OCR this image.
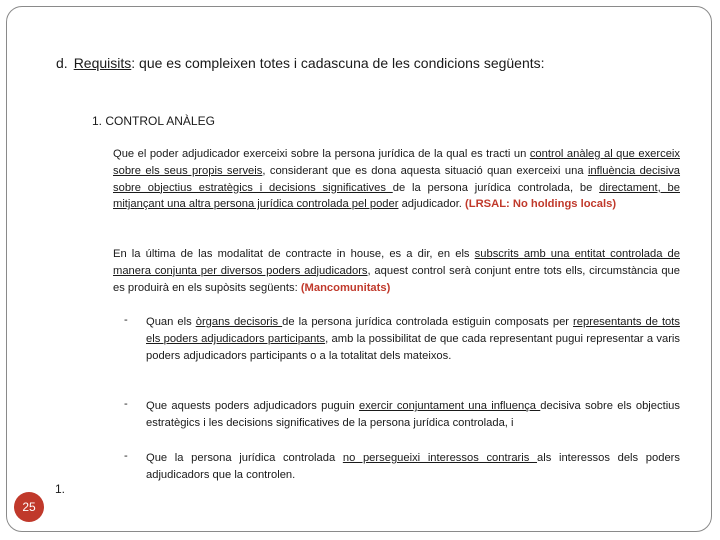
d. Requisits: que es compleixen totes i cadascuna de les condicions següents:
1. CONTROL ANÀLEG
Que el poder adjudicador exerceixi sobre la persona jurídica de la qual es tracti un control anàleg al que exerceix sobre els seus propis serveis, considerant que es dona aquesta situació quan exerceixi una influència decisiva sobre objectius estratègics i decisions significatives de la persona jurídica controlada, be directament, be mitjançant una altra persona jurídica controlada pel poder adjudicador. (LRSAL: No holdings locals)
En la última de las modalitat de contracte in house, es a dir, en els subscrits amb una entitat controlada de manera conjunta per diversos poders adjudicadors, aquest control serà conjunt entre tots ells, circumstància que es produirà en els supòsits següents: (Mancomunitats)
- Quan els òrgans decisoris de la persona jurídica controlada estiguin composats per representants de tots els poders adjudicadors participants, amb la possibilitat de que cada representant pugui representar a varis poders adjudicadors participants o a la totalitat dels mateixos.
- Que aquests poders adjudicadors puguin exercir conjuntament una influença decisiva sobre els objectius estratègics i les decisions significatives de la persona jurídica controlada, i
- Que la persona jurídica controlada no persegueixi interessos contraris als interessos dels poders adjudicadors que la controlen.
1.
25
